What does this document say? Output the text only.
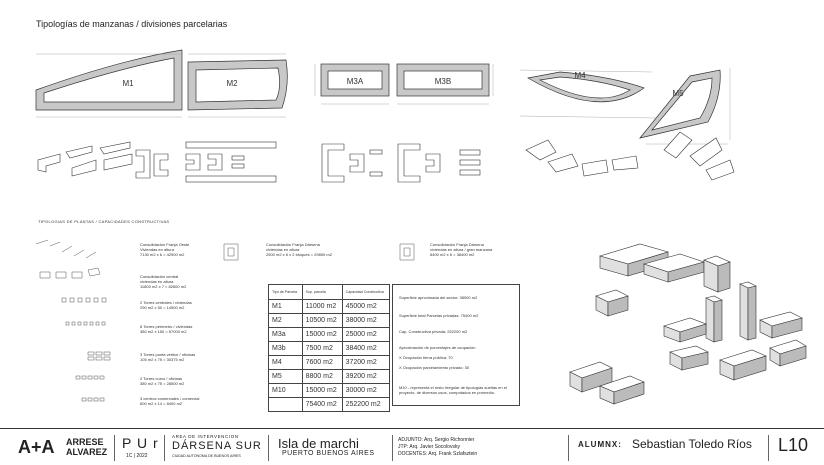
Tipologías de manzanas / divisiones parcelarias
M1	M2	M3A	M3B
M4
M5
TIPOLOGIAS DE PLANTAS / CAPACIDADES CONSTRUCTIVAS
Consolidación Franja Oeste
Viviendas en altura
7130 m2 x 6 = 42900 m2
Consolidación central
viviendas en altura
11800 m2 x 7 = 82600 m2
2 Torres centrales / viviendas
290 m2 x 50 = 14500 m2
6 Torres perimetro / viviendas
380 m2 x 150 = 57000 m2
3 Torres punta vértice / oficinas
105 m2 x 75 = 30375 m2
2 Torres curvo / oficinas
380 m2 x 75 = 28500 m2
3 centros comerciales / comercial
600 m2 x 14 = 8400 m2
Consolidación Franja Dársena
viviendas en altura
2500 m2 x 6 x 2 bloques = 29800 m2
Consolidación Franja Dársena
viviendas en altura / gran manzana
6400 m2 x 6 = 38400 m2
Tipo de Parcela	Sup. parcela	Capacidad Constructiva
M1	11000 m2	45000 m2
M2	10500 m2	38000 m2
M3a	15000 m2	25000 m2
M3b	7500 m2	38400 m2
M4	7600 m2	37200 m2
M5	8800 m2	39200 m2
M10	15000 m2	30000 m2
	75400 m2	252200 m2
Superficie aproximada del sector: 38000 m2
Superficie total Parcelas privadas: 75400 m2
Cap. Constructiva privada: 252200 m2
Aproximación de porcentajes de ocupación
X Ocupación tierra pública: 70
X Ocupación parcelamiento privado: 30
M10 - representa el resto irregular de tipologías sueltas en el proyecto, de diversos usos, computados en promedio.
A+A ARRESE
ALVAREZ
P U r
1C | 2022
AREA DE INTERVENCION
DÁRSENA SUR
CIUDAD AUTONOMA DE BUENOS AIRES
Isla de marchi
PUERTO BUENOS AIRES
ADJUNTO: Arq. Sergio Richonnier
JTP: Arq. Javier Socolovsky
DOCENTES: Arq. Frank Szlafsztein
ALUMNX: Sebastian Toledo Ríos L10
